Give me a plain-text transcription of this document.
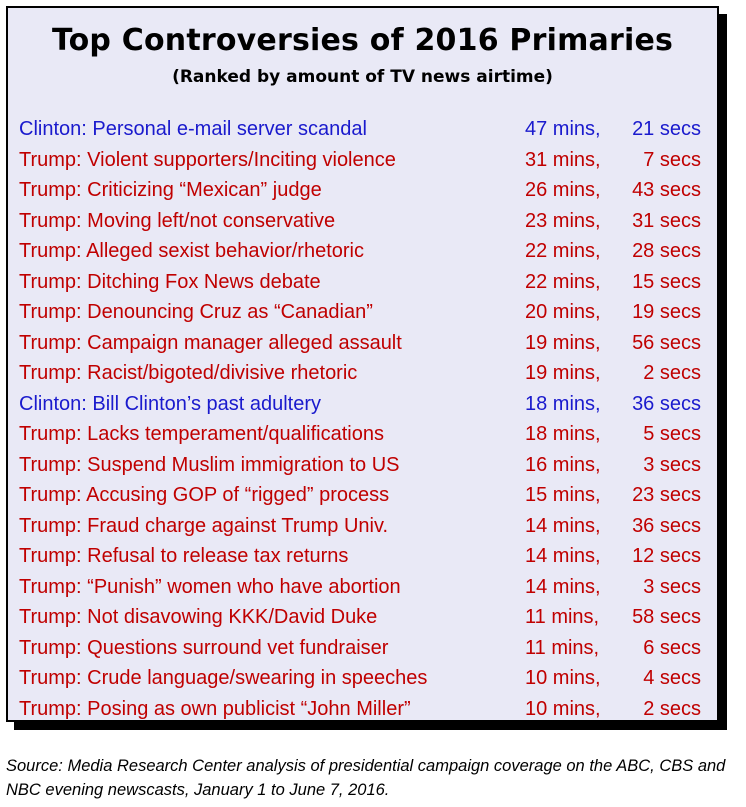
Top Controversies of 2016 Primaries
(Ranked by amount of TV news airtime)
Clinton: Personal e-mail server scandal	47 mins, 21 secs
Trump: Violent supporters/Inciting violence	31 mins, 7 secs
Trump: Criticizing “Mexican” judge	26 mins, 43 secs
Trump: Moving left/not conservative	23 mins, 31 secs
Trump: Alleged sexist behavior/rhetoric	22 mins, 28 secs
Trump: Ditching Fox News debate	22 mins, 15 secs
Trump: Denouncing Cruz as “Canadian”	20 mins, 19 secs
Trump: Campaign manager alleged assault	19 mins, 56 secs
Trump: Racist/bigoted/divisive rhetoric	19 mins, 2 secs
Clinton: Bill Clinton’s past adultery	18 mins, 36 secs
Trump: Lacks temperament/qualifications	18 mins, 5 secs
Trump: Suspend Muslim immigration to US	16 mins, 3 secs
Trump: Accusing GOP of “rigged” process	15 mins, 23 secs
Trump: Fraud charge against Trump Univ.	14 mins, 36 secs
Trump: Refusal to release tax returns	14 mins, 12 secs
Trump: “Punish” women who have abortion	14 mins, 3 secs
Trump: Not disavowing KKK/David Duke	11 mins, 58 secs
Trump: Questions surround vet fundraiser	11 mins, 6 secs
Trump: Crude language/swearing in speeches	10 mins, 4 secs
Trump: Posing as own publicist “John Miller”	10 mins, 2 secs
Source: Media Research Center analysis of presidential campaign coverage on the ABC, CBS and NBC evening newscasts, January 1 to June 7, 2016.
